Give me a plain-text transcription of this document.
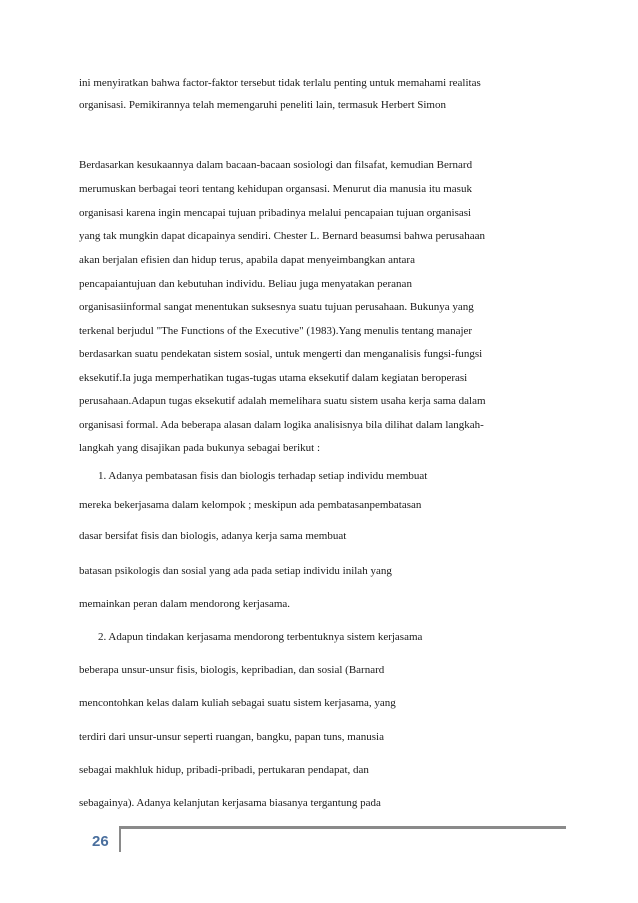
ini menyiratkan bahwa factor-faktor tersebut tidak terlalu penting untuk memahami realitas
organisasi. Pemikirannya telah memengaruhi peneliti lain, termasuk Herbert Simon
Berdasarkan kesukaannya dalam bacaan-bacaan sosiologi dan filsafat, kemudian Bernard
merumuskan berbagai teori tentang kehidupan organsasi. Menurut dia manusia itu masuk
organisasi karena ingin mencapai tujuan pribadinya melalui pencapaian tujuan organisasi
yang tak mungkin dapat dicapainya sendiri. Chester L. Bernard beasumsi bahwa perusahaan
akan berjalan efisien dan hidup terus, apabila dapat menyeimbangkan antara
pencapaiantujuan dan kebutuhan individu. Beliau juga menyatakan peranan
organisasiinformal sangat menentukan suksesnya suatu tujuan perusahaan. Bukunya yang
terkenal berjudul "The Functions of the Executive" (1983).Yang menulis tentang manajer
berdasarkan suatu pendekatan sistem sosial, untuk mengerti dan menganalisis fungsi-fungsi
eksekutif.Ia juga memperhatikan tugas-tugas utama eksekutif dalam kegiatan beroperasi
perusahaan.Adapun tugas eksekutif adalah memelihara suatu sistem usaha kerja sama dalam
organisasi formal. Ada beberapa alasan dalam logika analisisnya bila dilihat dalam langkah-
langkah yang disajikan pada bukunya sebagai berikut :
1. Adanya pembatasan fisis dan biologis terhadap setiap individu membuat
mereka bekerjasama dalam kelompok ; meskipun ada pembatasanpembatasan
dasar bersifat fisis dan biologis, adanya kerja sama membuat
batasan psikologis dan sosial yang ada pada setiap individu inilah yang
memainkan peran dalam mendorong kerjasama.
2. Adapun tindakan kerjasama mendorong terbentuknya sistem kerjasama
beberapa unsur-unsur fisis, biologis, kepribadian, dan sosial (Barnard
mencontohkan kelas dalam kuliah sebagai suatu sistem kerjasama, yang
terdiri dari unsur-unsur seperti ruangan, bangku, papan tuns, manusia
sebagai makhluk hidup, pribadi-pribadi, pertukaran pendapat, dan
sebagainya). Adanya kelanjutan kerjasama biasanya tergantung pada
26
